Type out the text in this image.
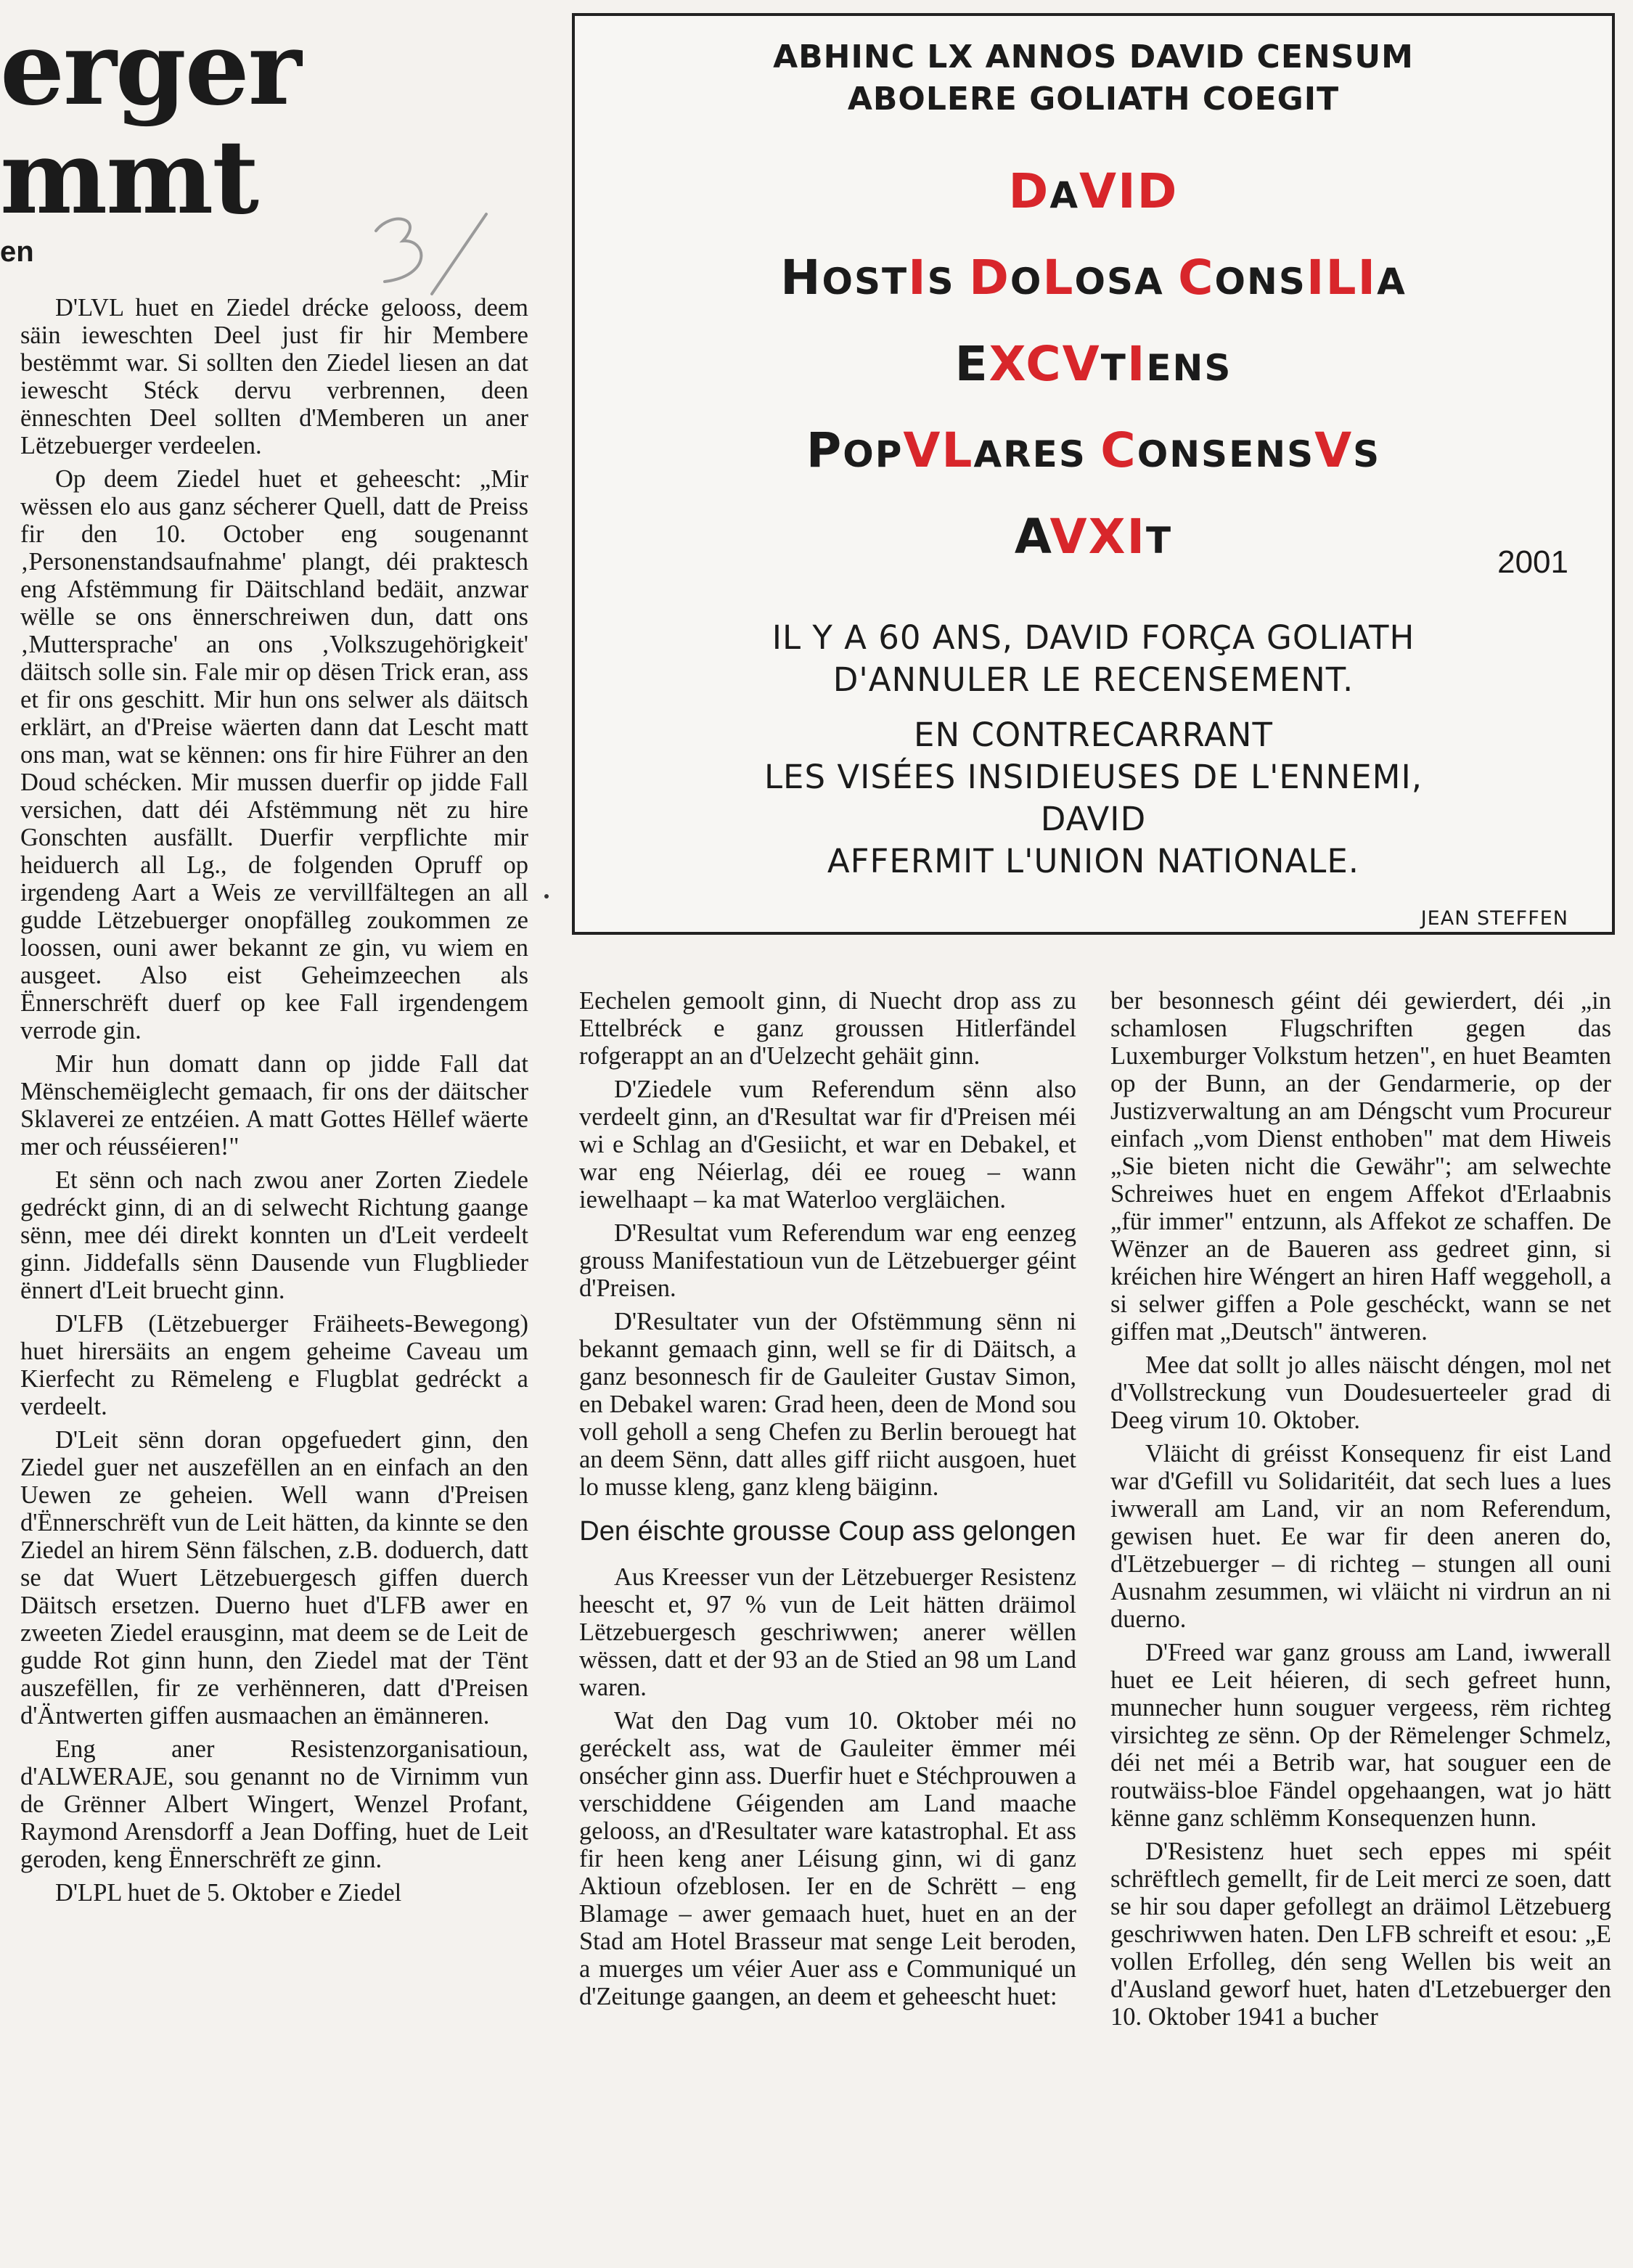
erger
mmt
en

D'LVL huet en Ziedel drécke gelooss, deem säin ieweschten Deel just fir hir Membere bestëmmt war. Si sollten den Ziedel liesen an dat iewescht Stéck dervu verbrennen, deen ënneschten Deel sollten d'Memberen un aner Lëtzebuerger verdeelen.

Op deem Ziedel huet et geheescht: „Mir wëssen elo aus ganz sécherer Quell, datt de Preiss fir den 10. October eng sougenannt ‚Personenstandsaufnahme' plangt, déi praktesch eng Afstëmmung fir Däitschland bedäit, anzwar wëlle se ons ënnerschreiwen dun, datt ons ‚Muttersprache' an ons ‚Volkszugehörigkeit' däitsch solle sin. Fale mir op dësen Trick eran, ass et fir ons geschitt. Mir hun ons selwer als däitsch erklärt, an d'Preise wäerten dann dat Lescht matt ons man, wat se kënnen: ons fir hire Führer an den Doud schécken. Mir mussen duerfir op jidde Fall versichen, datt déi Afstëmmung nët zu hire Gonschten ausfällt. Duerfir verpflichte mir heiduerch all Lg., de folgenden Opruff op irgendeng Aart a Weis ze vervillfältegen an all gudde Lëtzebuerger onopfälleg zoukommen ze loossen, ouni awer bekannt ze gin, vu wiem en ausgeet. Also eist Geheimzeechen als Ënnerschrëft duerf op kee Fall irgendengem verrode gin.

Mir hun domatt dann op jidde Fall dat Mënschemëiglecht gemaach, fir ons der däitscher Sklaverei ze entzéien. A matt Gottes Hëllef wäerte mer och réusséieren!"

Et sënn och nach zwou aner Zorten Ziedele gedréckt ginn, di an di selwecht Richtung gaange sënn, mee déi direkt konnten un d'Leit verdeelt ginn. Jiddefalls sënn Dausende vun Flugblieder ënnert d'Leit bruecht ginn.

D'LFB (Lëtzebuerger Fräiheets-Bewegong) huet hirersäits an engem geheime Caveau um Kierfecht zu Rëmeleng e Flugblat gedréckt a verdeelt.

D'Leit sënn doran opgefuedert ginn, den Ziedel guer net auszefëllen an en einfach an den Uewen ze geheien. Well wann d'Preisen d'Ënnerschrëft vun de Leit hätten, da kinnte se den Ziedel an hirem Sënn fälschen, z.B. doduerch, datt se dat Wuert Lëtzebuergesch giffen duerch Däitsch ersetzen. Duerno huet d'LFB awer en zweeten Ziedel erausginn, mat deem se de Leit de gudde Rot ginn hunn, den Ziedel mat der Tënt auszefëllen, fir ze verhënneren, datt d'Preisen d'Äntwerten giffen ausmaachen an ëmänneren.

Eng aner Resistenzorganisatioun, d'ALWERAJE, sou genannt no de Virnimm vun de Grënner Albert Wingert, Wenzel Profant, Raymond Arensdorff a Jean Doffing, huet de Leit geroden, keng Ënnerschrëft ze ginn.

D'LPL huet de 5. Oktober e Ziedel

ABHINC LX ANNOS DAVID CENSUM
ABOLERE GOLIATH COEGIT
DAVID
HOSTIS DOLOSA CONSILIA
EXCVTIENS
POPVLARES CONSENSVS
AVXIT
2001
IL Y A 60 ANS, DAVID FORÇA GOLIATH
D'ANNULER LE RECENSEMENT.
EN CONTRECARRANT
LES VISÉES INSIDIEUSES DE L'ENNEMI,
DAVID
AFFERMIT L'UNION NATIONALE.
JEAN STEFFEN

Eechelen gemoolt ginn, di Nuecht drop ass zu Ettelbréck e ganz groussen Hitlerfändel rofgerappt an an d'Uelzecht gehäit ginn.

D'Ziedele vum Referendum sënn also verdeelt ginn, an d'Resultat war fir d'Preisen méi wi e Schlag an d'Gesiicht, et war en Debakel, et war eng Néierlag, déi ee roueg – wann iewelhaapt – ka mat Waterloo vergläichen.

D'Resultat vum Referendum war eng eenzeg grouss Manifestatioun vun de Lëtzebuerger géint d'Preisen.

D'Resultater vun der Ofstëmmung sënn ni bekannt gemaach ginn, well se fir di Däitsch, a ganz besonnesch fir de Gauleiter Gustav Simon, en Debakel waren: Grad heen, deen de Mond sou voll geholl a seng Chefen zu Berlin berouegt hat an deem Sënn, datt alles giff riicht ausgoen, huet lo musse kleng, ganz kleng bäiginn.

Den éischte grousse Coup ass gelongen

Aus Kreesser vun der Lëtzebuerger Resistenz heescht et, 97 % vun de Leit hätten dräimol Lëtzebuergesch geschriwwen; anerer wëllen wëssen, datt et der 93 an de Stied an 98 um Land waren.

Wat den Dag vum 10. Oktober méi no geréckelt ass, wat de Gauleiter ëmmer méi onsécher ginn ass. Duerfir huet e Stéchprouwen a verschiddene Géigenden am Land maache gelooss, an d'Resultater ware katastrophal. Et ass fir heen keng aner Léisung ginn, wi di ganz Aktioun ofzeblosen. Ier en de Schrëtt – eng Blamage – awer gemaach huet, huet en an der Stad am Hotel Brasseur mat senge Leit beroden, a muerges um véier Auer ass e Communiqué un d'Zeitunge gaangen, an deem et geheescht huet:

ber besonnesch géint déi gewierdert, déi „in schamlosen Flugschriften gegen das Luxemburger Volkstum hetzen", en huet Beamten op der Bunn, an der Gendarmerie, op der Justizverwaltung an am Déngscht vum Procureur einfach „vom Dienst enthoben" mat dem Hiweis „Sie bieten nicht die Gewähr"; am selwechte Schreiwes huet en engem Affekot d'Erlaabnis „für immer" entzunn, als Affekot ze schaffen. De Wënzer an de Baueren ass gedreet ginn, si kréichen hire Wéngert an hiren Haff weggeholl, a si selwer giffen a Pole geschéckt, wann se net giffen mat „Deutsch" äntweren.

Mee dat sollt jo alles näischt déngen, mol net d'Vollstreckung vun Doudesuerteeler grad di Deeg virum 10. Oktober.

Vläicht di gréisst Konsequenz fir eist Land war d'Gefill vu Solidaritéit, dat sech lues a lues iwwerall am Land, vir an nom Referendum, gewisen huet. Ee war fir deen aneren do, d'Lëtzebuerger – di richteg – stungen all ouni Ausnahm zesummen, wi vläicht ni virdrun an ni duerno.

D'Freed war ganz grouss am Land, iwwerall huet ee Leit héieren, di sech gefreet hunn, munnecher hunn souguer vergeess, rëm richteg virsichteg ze sënn. Op der Rëmelenger Schmelz, déi net méi a Betrib war, hat souguer een de routwäiss-bloe Fändel opgehaangen, wat jo hätt kënne ganz schlëmm Konsequenzen hunn.

D'Resistenz huet sech eppes mi spéit schrëftlech gemellt, fir de Leit merci ze soen, datt se hir sou daper gefollegt an dräimol Lëtzebuerg geschriwwen haten. Den LFB schreift et esou: „E vollen Erfolleg, dén seng Wellen bis weit an d'Ausland geworf huet, haten d'Letzebuerger den 10. Oktober 1941 a bucher
